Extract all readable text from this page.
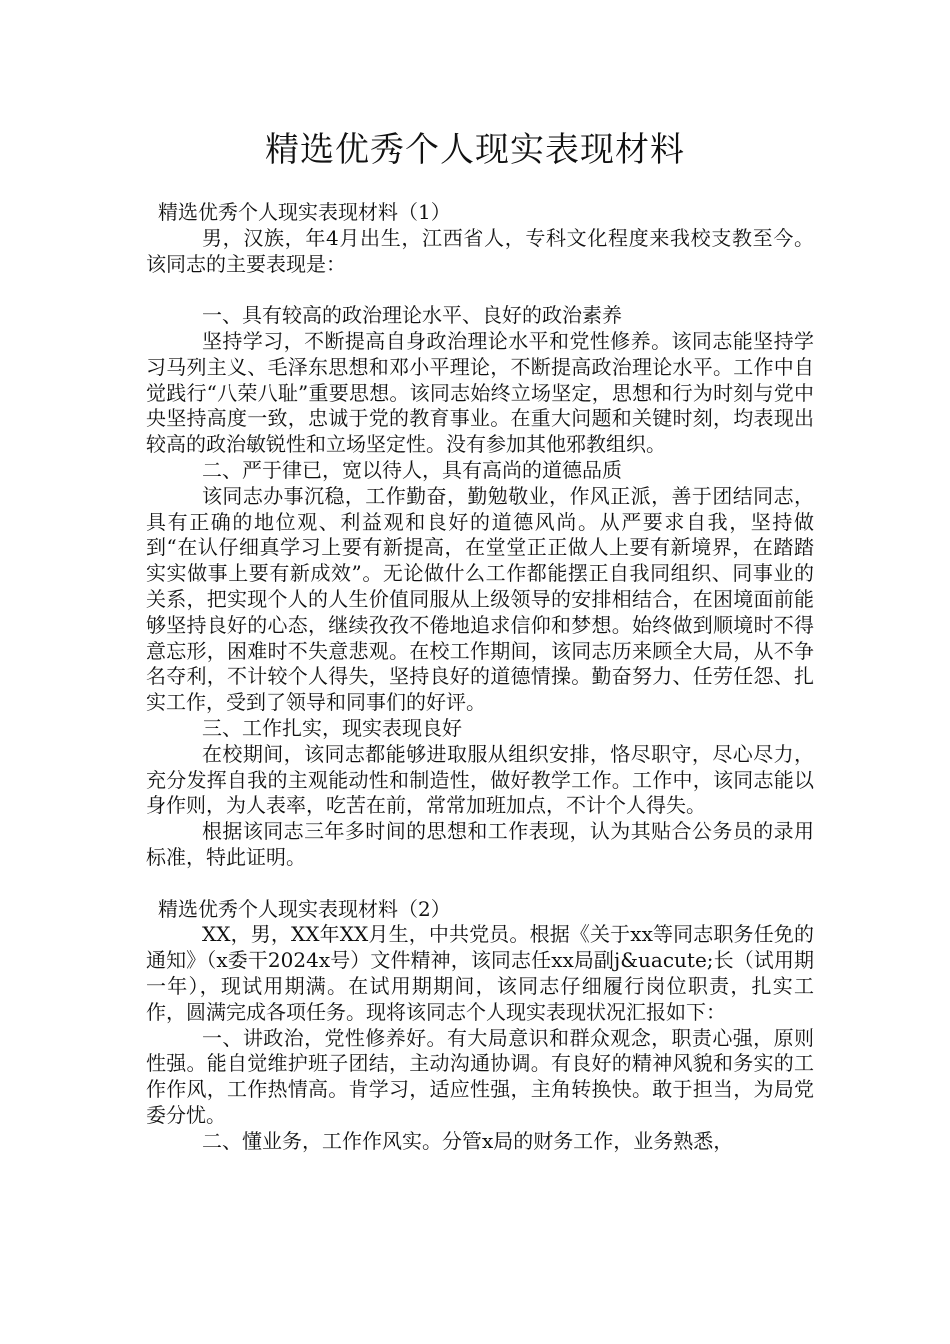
精选优秀个人现实表现材料

精选优秀个人现实表现材料（1）

男，汉族，年4月出生，江西省人，专科文化程度来我校支教至今。该同志的主要表现是：

一、具有较高的政治理论水平、良好的政治素养

坚持学习，不断提高自身政治理论水平和党性修养。该同志能坚持学习马列主义、毛泽东思想和邓小平理论，不断提高政治理论水平。工作中自觉践行“八荣八耻”重要思想。该同志始终立场坚定，思想和行为时刻与党中央坚持高度一致，忠诚于党的教育事业。在重大问题和关键时刻，均表现出较高的政治敏锐性和立场坚定性。没有参加其他邪教组织。

二、严于律已，宽以待人，具有高尚的道德品质

该同志办事沉稳，工作勤奋，勤勉敬业，作风正派，善于团结同志，具有正确的地位观、利益观和良好的道德风尚。从严要求自我，坚持做到“在认仔细真学习上要有新提高，在堂堂正正做人上要有新境界，在踏踏实实做事上要有新成效”。无论做什么工作都能摆正自我同组织、同事业的关系，把实现个人的人生价值同服从上级领导的安排相结合，在困境面前能够坚持良好的心态，继续孜孜不倦地追求信仰和梦想。始终做到顺境时不得意忘形，困难时不失意悲观。在校工作期间，该同志历来顾全大局，从不争名夺利，不计较个人得失，坚持良好的道德情操。勤奋努力、任劳任怨、扎实工作，受到了领导和同事们的好评。

三、工作扎实，现实表现良好

在校期间，该同志都能够进取服从组织安排，恪尽职守，尽心尽力，充分发挥自我的主观能动性和制造性，做好教学工作。工作中，该同志能以身作则，为人表率，吃苦在前，常常加班加点，不计个人得失。

根据该同志三年多时间的思想和工作表现，认为其贴合公务员的录用标准，特此证明。

精选优秀个人现实表现材料（2）

XX，男，XX年XX月生，中共党员。根据《关于xx等同志职务任免的通知》（x委干2024x号）文件精神，该同志任xx局副j&uacute;长（试用期一年），现试用期满。在试用期期间，该同志仔细履行岗位职责，扎实工作，圆满完成各项任务。现将该同志个人现实表现状况汇报如下：

一、讲政治，党性修养好。有大局意识和群众观念，职责心强，原则性强。能自觉维护班子团结，主动沟通协调。有良好的精神风貌和务实的工作作风，工作热情高。肯学习，适应性强，主角转换快。敢于担当，为局党委分忧。

二、懂业务，工作作风实。分管x局的财务工作，业务熟悉，
